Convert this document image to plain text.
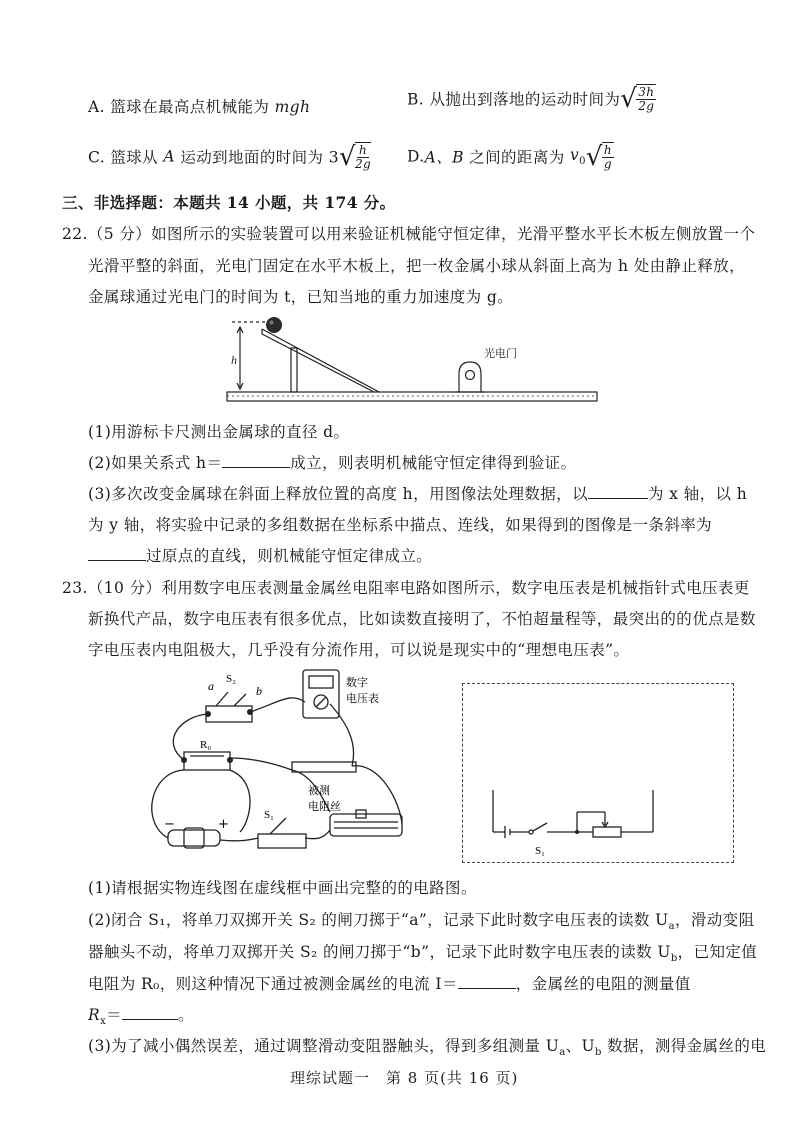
A. 篮球在最高点机械能为 mgh	B. 从抛出到落地的运动时间为 √ $\frac{3h}{2g}$
C. 篮球从 A 运动到地面的时间为 3 √ $\frac{h}{2g} D.A$、B 之间的距离为 $v_0$ √ $\frac{h}{g}$
三、非选择题：本题共 14 小题，共 174 分。
22.（5 分）如图所示的实验装置可以用来验证机械能守恒定律，光滑平整水平长木板左侧放置一个
光滑平整的斜面，光电门固定在水平木板上，把一枚金属小球从斜面上高为 h 处由静止释放，
金属球通过光电门的时间为 t，已知当地的重力加速度为 g。
h	光电门
(1)用游标卡尺测出金属球的直径 d。
(2)如果关系式 h＝	成立，则表明机械能守恒定律得到验证。
(3)多次改变金属球在斜面上释放位置的高度 h，用图像法处理数据，以	为 x 轴，以 h
为 y 轴，将实验中记录的多组数据在坐标系中描点、连线，如果得到的图像是一条斜率为
过原点的直线，则机械能守恒定律成立。
23.（10 分）利用数字电压表测量金属丝电阻率电路如图所示，数字电压表是机械指针式电压表更
新换代产品，数字电压表有很多优点，比如读数直接明了，不怕超量程等，最突出的的优点是数
字电压表内电阻极大，几乎没有分流作用，可以说是现实中的“理想电压表”。
a	b
S₂
R₀
数字
电压表
被测
电阻丝
S₁
−	+
S₁
(1)请根据实物连线图在虚线框中画出完整的的电路图。
(2)闭合 S₁，将单刀双掷开关 S₂ 的闸刀掷于“a”，记录下此时数字电压表的读数 $U_a$，滑动变阻
器触头不动，将单刀双掷开关 S₂ 的闸刀掷于“b”，记录下此时数字电压表的读数 $U_b$，已知定值
电阻为 R₀，则这种情况下通过被测金属丝的电流 I＝	，金属丝的电阻的测量值
$R_x=$	。
(3)为了减小偶然误差，通过调整滑动变阻器触头，得到多组测量 $U_a$、$U_b$ 数据，测得金属丝的电
理综试题一　第 8 页(共 16 页)
